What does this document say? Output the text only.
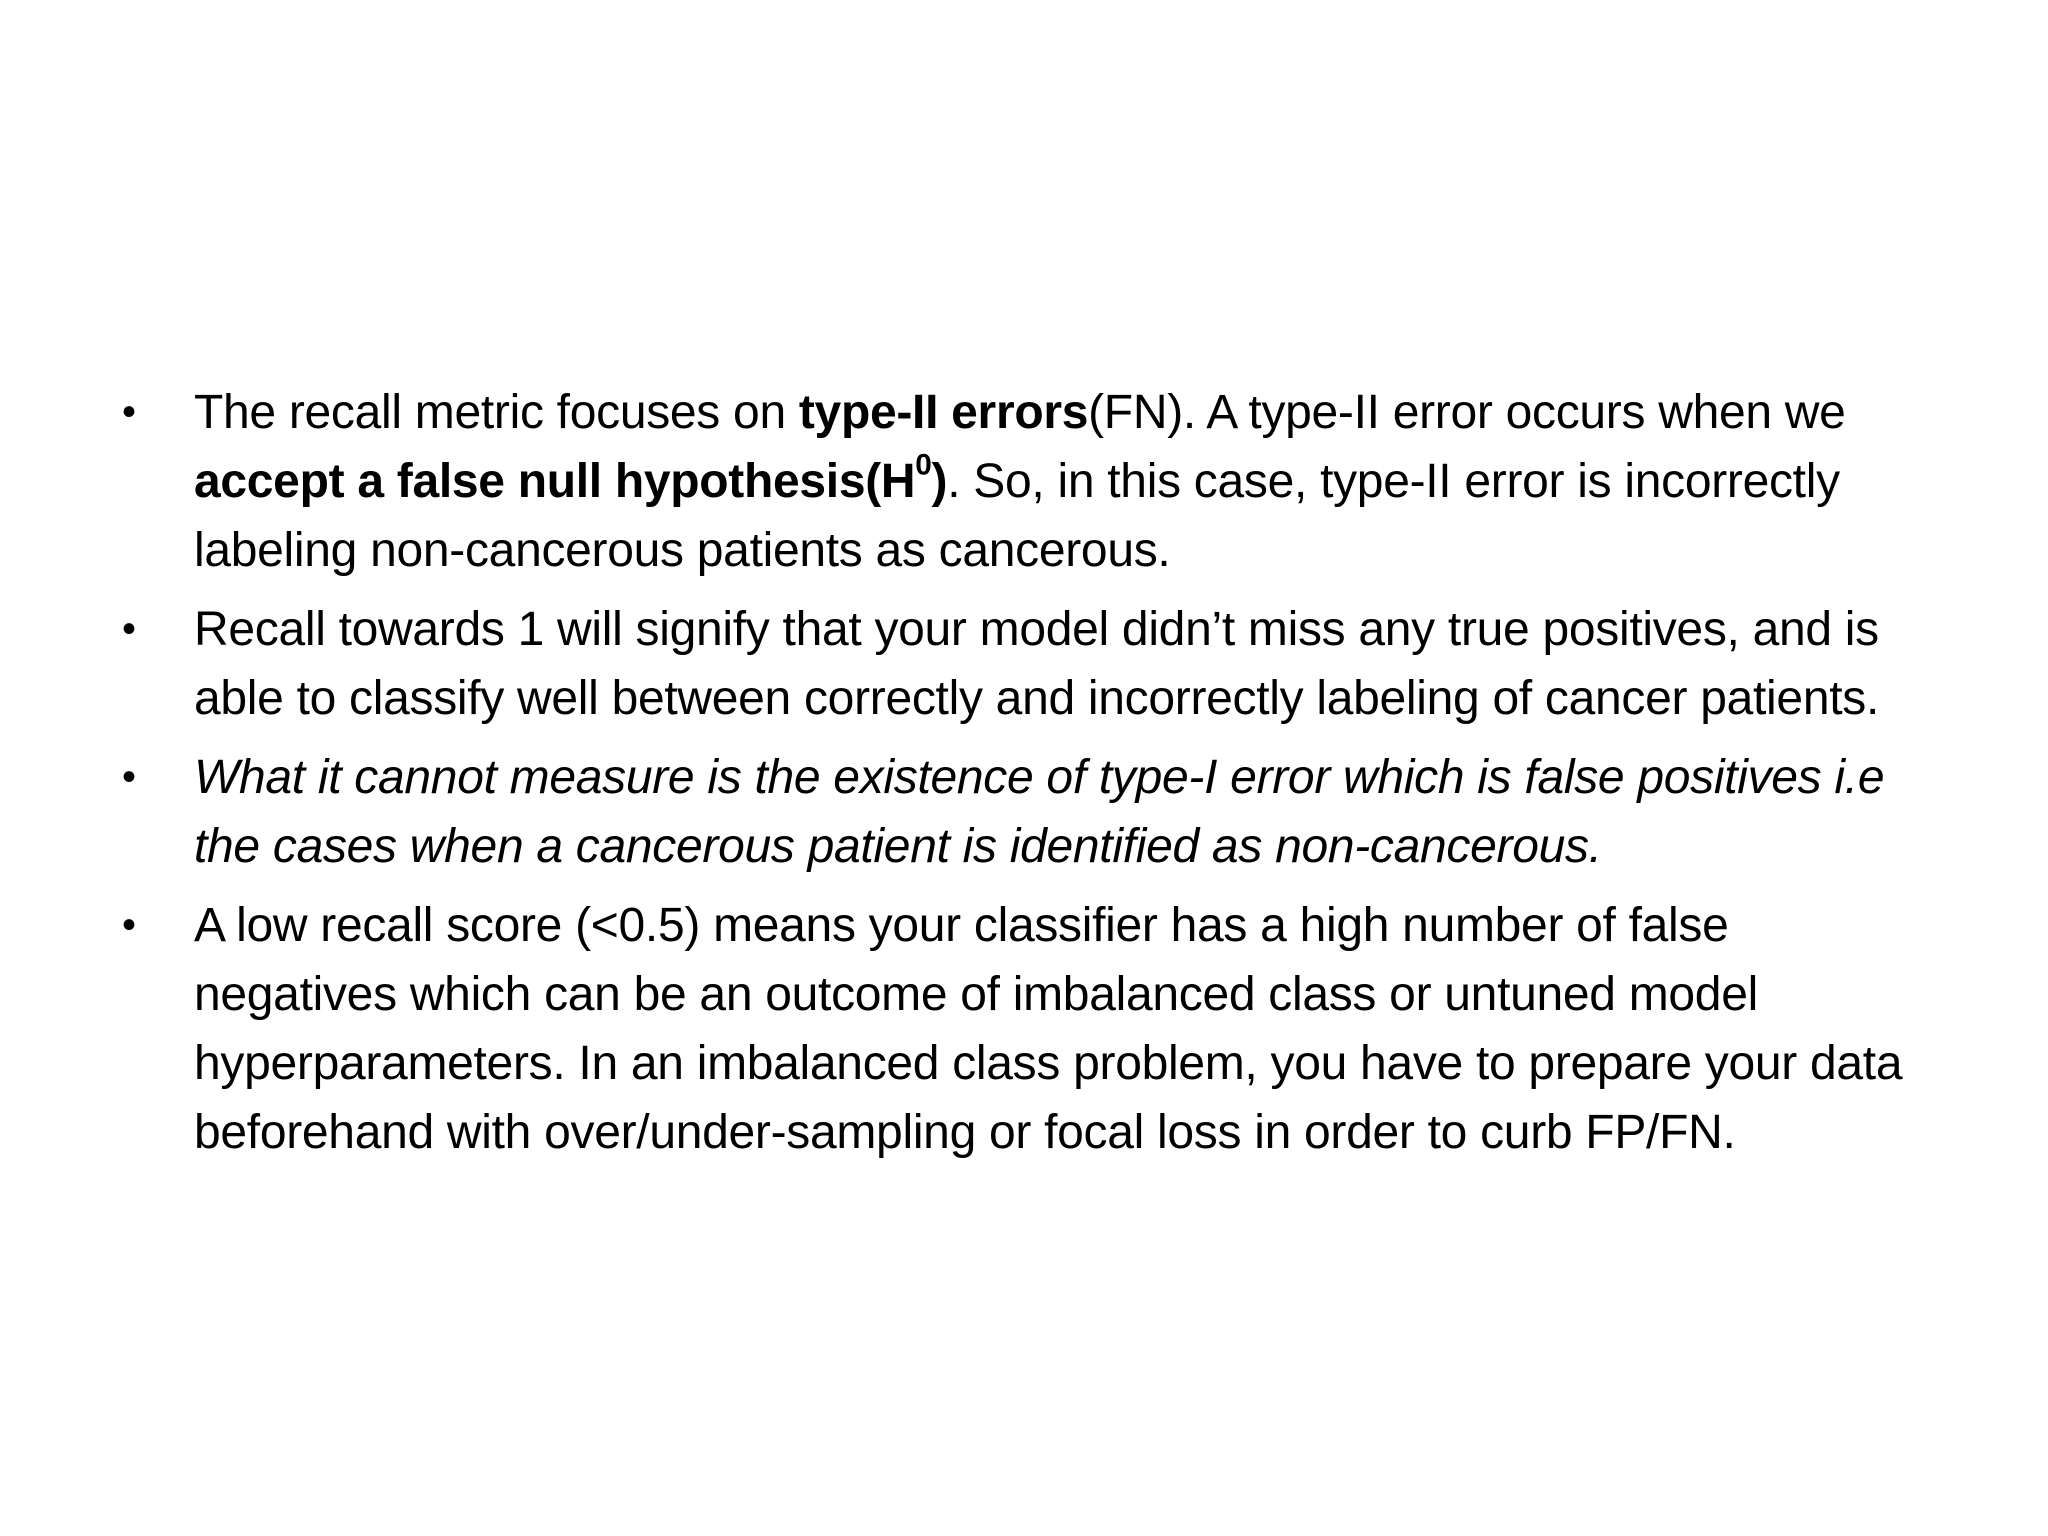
•	The recall metric focuses on type-II errors(FN). A type-II error occurs when we accept a false null $hypothesis(H^0)$. So, in this case, type-II error is incorrectly labeling non-cancerous patients as cancerous.
•	Recall towards 1 will signify that your model didn’t miss any true positives, and is able to classify well between correctly and incorrectly labeling of cancer patients.
•	What it cannot measure is the existence of type-I error which is false positives i.e the cases when a cancerous patient is identified as non-cancerous.
•	A low recall score (<0.5) means your classifier has a high number of false negatives which can be an outcome of imbalanced class or untuned model hyperparameters. In an imbalanced class problem, you have to prepare your data beforehand with over/under-sampling or focal loss in order to curb FP/FN.
